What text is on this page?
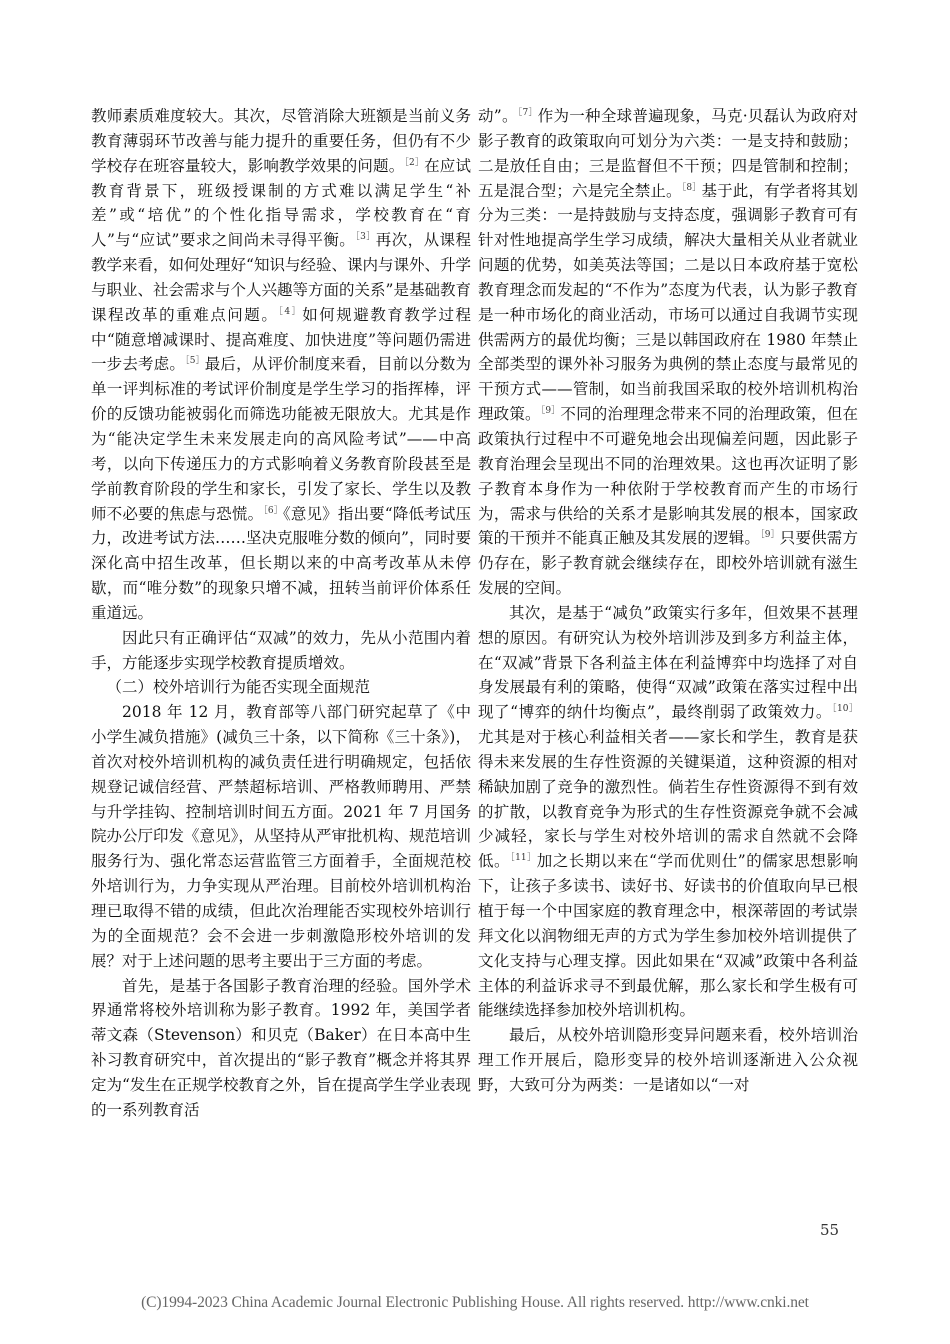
教师素质难度较大。其次，尽管消除大班额是当前义务教育薄弱环节改善与能力提升的重要任务，但仍有不少学校存在班容量较大，影响教学效果的问题。$^{[2]}$在应试教育背景下，班级授课制的方式难以满足学生“补差”或“培优”的个性化指导需求，学校教育在“育人”与“应试”要求之间尚未寻得平衡。$^{[3]}$再次，从课程教学来看，如何处理好“知识与经验、课内与课外、升学与职业、社会需求与个人兴趣等方面的关系”是基础教育课程改革的重难点问题。$^{[4]}$如何规避教育教学过程中“随意增减课时、提高难度、加快进度”等问题仍需进一步去考虑。$^{[5]}$最后，从评价制度来看，目前以分数为单一评判标准的考试评价制度是学生学习的指挥棒，评价的反馈功能被弱化而筛选功能被无限放大。尤其是作为“能决定学生未来发展走向的高风险考试”——中高考，以向下传递压力的方式影响着义务教育阶段甚至是学前教育阶段的学生和家长，引发了家长、学生以及教师不必要的焦虑与恐慌。$^{[6]}$《意见》指出要“降低考试压力，改进考试方法……坚决克服唯分数的倾向”，同时要深化高中招生改革，但长期以来的中高考改革从未停歇，而“唯分数”的现象只增不减，扭转当前评价体系任重道远。

因此只有正确评估“双减”的效力，先从小范围内着手，方能逐步实现学校教育提质增效。

（二）校外培训行为能否实现全面规范

2018 年 12 月，教育部等八部门研究起草了《中小学生减负措施》(减负三十条，以下简称《三十条》)，首次对校外培训机构的减负责任进行明确规定，包括依规登记诚信经营、严禁超标培训、严格教师聘用、严禁与升学挂钩、控制培训时间五方面。2021 年 7 月国务院办公厅印发《意见》，从坚持从严审批机构、规范培训服务行为、强化常态运营监管三方面着手，全面规范校外培训行为，力争实现从严治理。目前校外培训机构治理已取得不错的成绩，但此次治理能否实现校外培训行为的全面规范？会不会进一步刺激隐形校外培训的发展？对于上述问题的思考主要出于三方面的考虑。

首先，是基于各国影子教育治理的经验。国外学术界通常将校外培训称为影子教育。1992 年，美国学者蒂文森（Stevenson）和贝克（Baker）在日本高中生补习教育研究中，首次提出的“影子教育”概念并将其界定为“发生在正规学校教育之外，旨在提高学生学业表现的一系列教育活

动”。$^{[7]}$作为一种全球普遍现象，马克·贝磊认为政府对影子教育的政策取向可划分为六类：一是支持和鼓励；二是放任自由；三是监督但不干预；四是管制和控制；五是混合型；六是完全禁止。$^{[8]}$基于此，有学者将其划分为三类：一是持鼓励与支持态度，强调影子教育可有针对性地提高学生学习成绩，解决大量相关从业者就业问题的优势，如美英法等国；二是以日本政府基于宽松教育理念而发起的“不作为”态度为代表，认为影子教育是一种市场化的商业活动，市场可以通过自我调节实现供需两方的最优均衡；三是以韩国政府在 1980 年禁止全部类型的课外补习服务为典例的禁止态度与最常见的干预方式——管制，如当前我国采取的校外培训机构治理政策。$^{[9]}$不同的治理理念带来不同的治理政策，但在政策执行过程中不可避免地会出现偏差问题，因此影子教育治理会呈现出不同的治理效果。这也再次证明了影子教育本身作为一种依附于学校教育而产生的市场行为，需求与供给的关系才是影响其发展的根本，国家政策的干预并不能真正触及其发展的逻辑。$^{[9]}$只要供需方仍存在，影子教育就会继续存在，即校外培训就有滋生发展的空间。

其次，是基于“减负”政策实行多年，但效果不甚理想的原因。有研究认为校外培训涉及到多方利益主体，在“双减”背景下各利益主体在利益博弈中均选择了对自身发展最有利的策略，使得“双减”政策在落实过程中出现了“博弈的纳什均衡点”，最终削弱了政策效力。$^{[10]}$尤其是对于核心利益相关者——家长和学生，教育是获得未来发展的生存性资源的关键渠道，这种资源的相对稀缺加剧了竞争的激烈性。倘若生存性资源得不到有效的扩散，以教育竞争为形式的生存性资源竞争就不会减少减轻，家长与学生对校外培训的需求自然就不会降低。$^{[11]}$加之长期以来在“学而优则仕”的儒家思想影响下，让孩子多读书、读好书、好读书的价值取向早已根植于每一个中国家庭的教育理念中，根深蒂固的考试崇拜文化以润物细无声的方式为学生参加校外培训提供了文化支持与心理支撑。因此如果在“双减”政策中各利益主体的利益诉求寻不到最优解，那么家长和学生极有可能继续选择参加校外培训机构。

最后，从校外培训隐形变异问题来看，校外培训治理工作开展后，隐形变异的校外培训逐渐进入公众视野，大致可分为两类：一是诸如以“一对

55
(C)1994-2023 China Academic Journal Electronic Publishing House. All rights reserved. http://www.cnki.net
